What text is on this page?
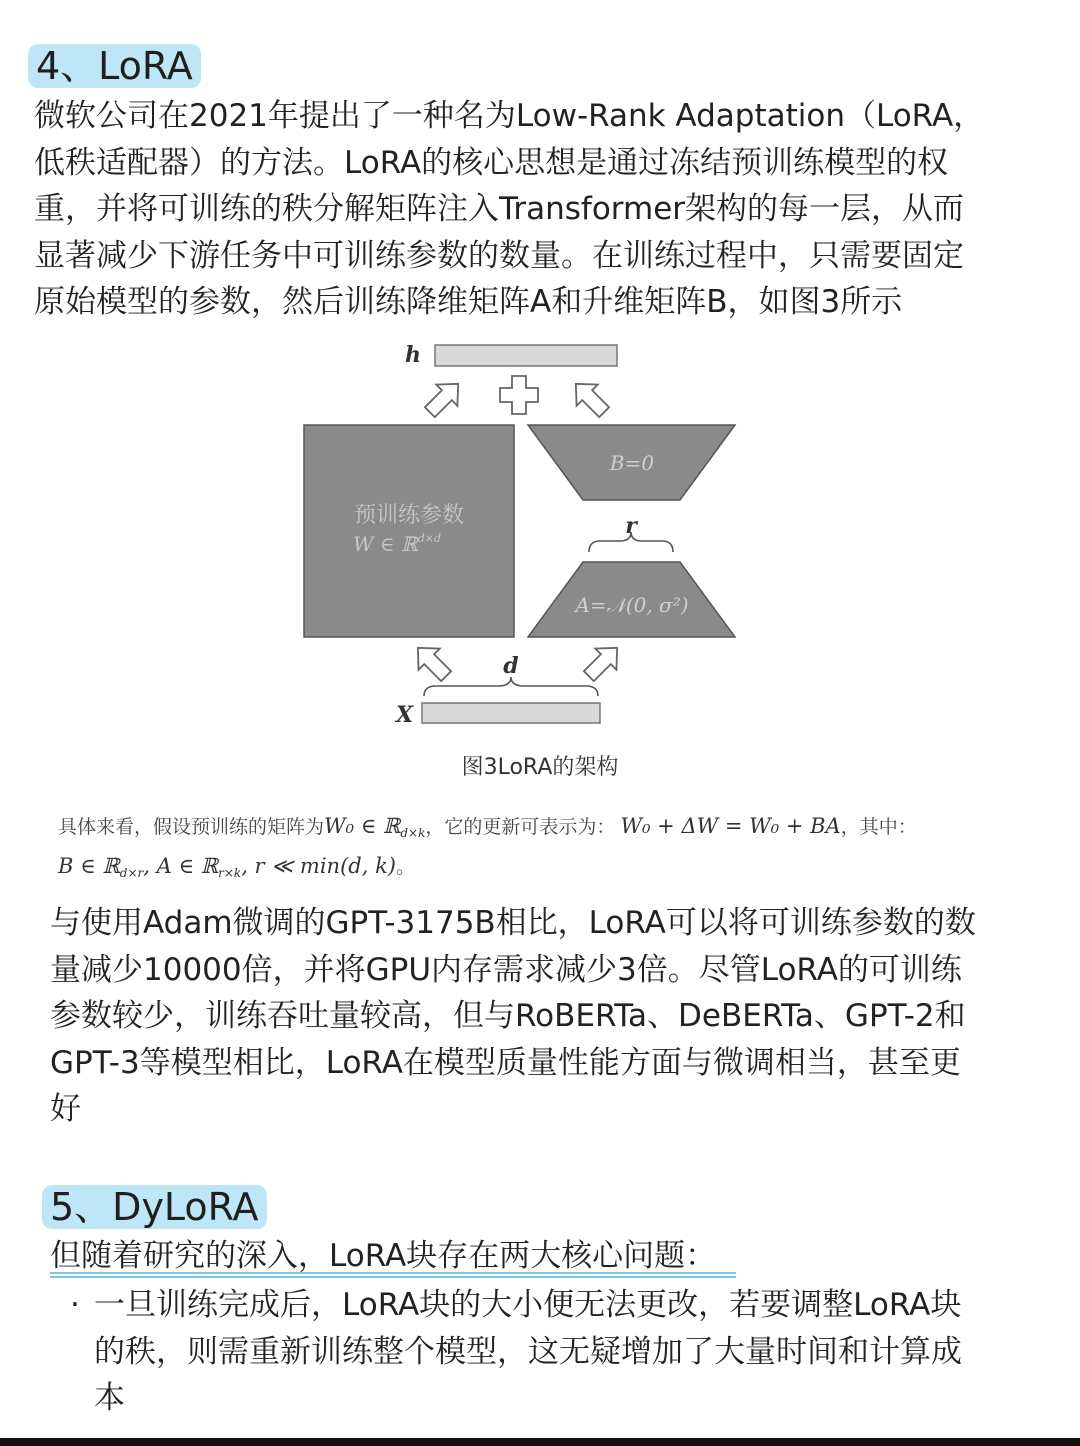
4、LoRA
微软公司在2021年提出了一种名为Low-Rank Adaptation（LoRA，
低秩适配器）的方法。LoRA的核心思想是通过冻结预训练模型的权
重，并将可训练的秩分解矩阵注入Transformer架构的每一层，从而
显著减少下游任务中可训练参数的数量。在训练过程中，只需要固定
原始模型的参数，然后训练降维矩阵A和升维矩阵B，如图3所示
h
预训练参数
W ∈ ℝ$^{d\times d}$
B=0
r
A=𝒩(0, σ²)
d
X
图3LoRA的架构
具体来看，假设预训练的矩阵为W₀ ∈ ℝ$_{d\times k}$，它的更新可表示为： W₀ + ΔW = W₀ + BA，其中：
B ∈ ℝ$_{d\times r}$, A ∈ ℝ$_{r\times k}$, r ≪ min(d, k)。
与使用Adam微调的GPT-3175B相比，LoRA可以将可训练参数的数
量减少10000倍，并将GPU内存需求减少3倍。尽管LoRA的可训练
参数较少，训练吞吐量较高，但与RoBERTa、DeBERTa、GPT-2和
GPT-3等模型相比，LoRA在模型质量性能方面与微调相当，甚至更
好
5、DyLoRA
但随着研究的深入，LoRA块存在两大核心问题：
· 一旦训练完成后，LoRA块的大小便无法更改，若要调整LoRA块
的秩，则需重新训练整个模型，这无疑增加了大量时间和计算成
本
